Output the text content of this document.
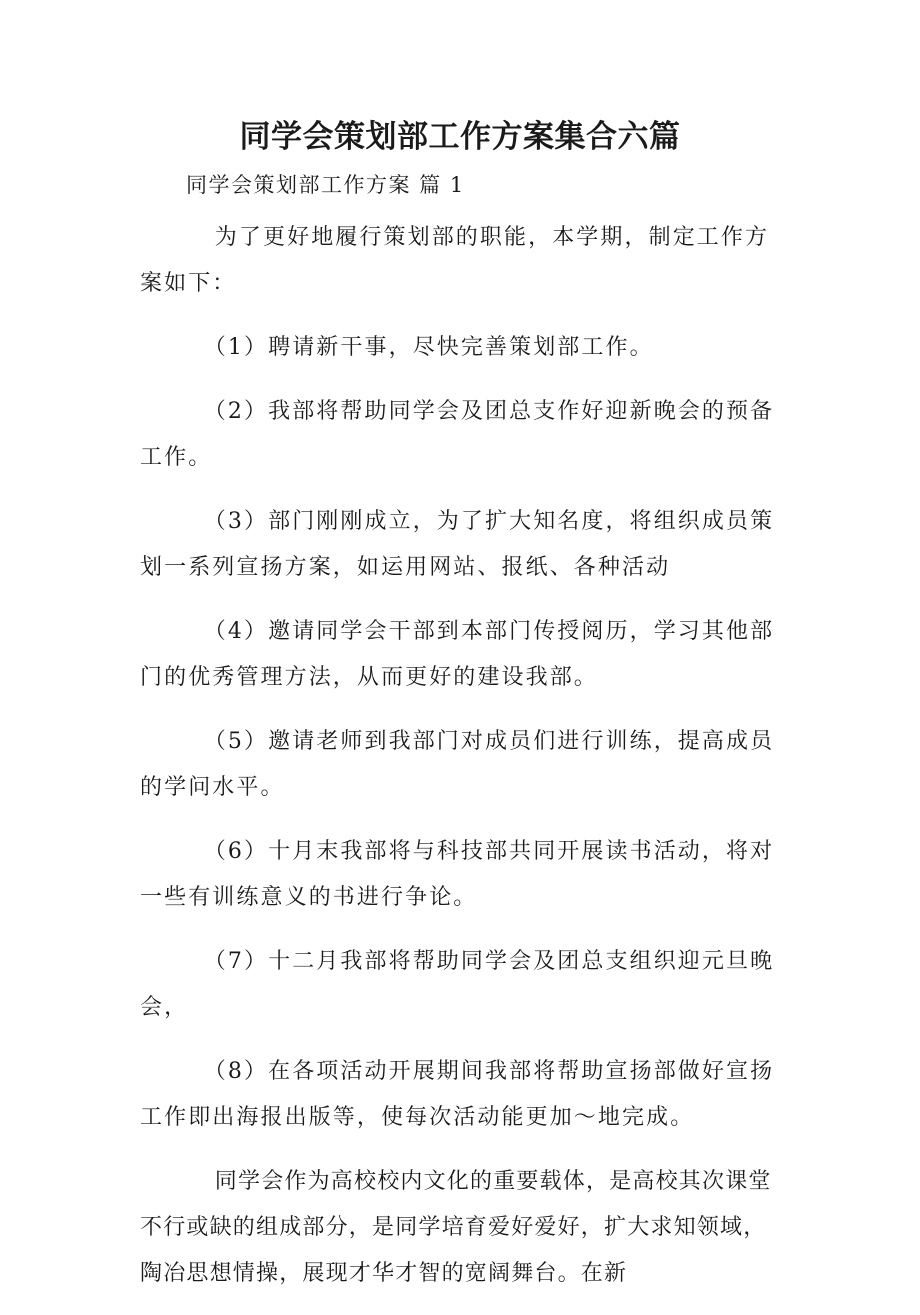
同学会策划部工作方案集合六篇
同学会策划部工作方案 篇 1

为了更好地履行策划部的职能，本学期，制定工作方案如下：

（1）聘请新干事，尽快完善策划部工作。

（2）我部将帮助同学会及团总支作好迎新晚会的预备工作。

（3）部门刚刚成立，为了扩大知名度，将组织成员策划一系列宣扬方案，如运用网站、报纸、各种活动

（4）邀请同学会干部到本部门传授阅历，学习其他部门的优秀管理方法，从而更好的建设我部。

（5）邀请老师到我部门对成员们进行训练，提高成员的学问水平。

（6）十月末我部将与科技部共同开展读书活动，将对一些有训练意义的书进行争论。

（7）十二月我部将帮助同学会及团总支组织迎元旦晚会，

（8）在各项活动开展期间我部将帮助宣扬部做好宣扬工作即出海报出版等，使每次活动能更加～地完成。

同学会作为高校校内文化的重要载体，是高校其次课堂不行或缺的组成部分，是同学培育爱好爱好，扩大求知领域，陶冶思想情操，展现才华才智的宽阔舞台。在新
